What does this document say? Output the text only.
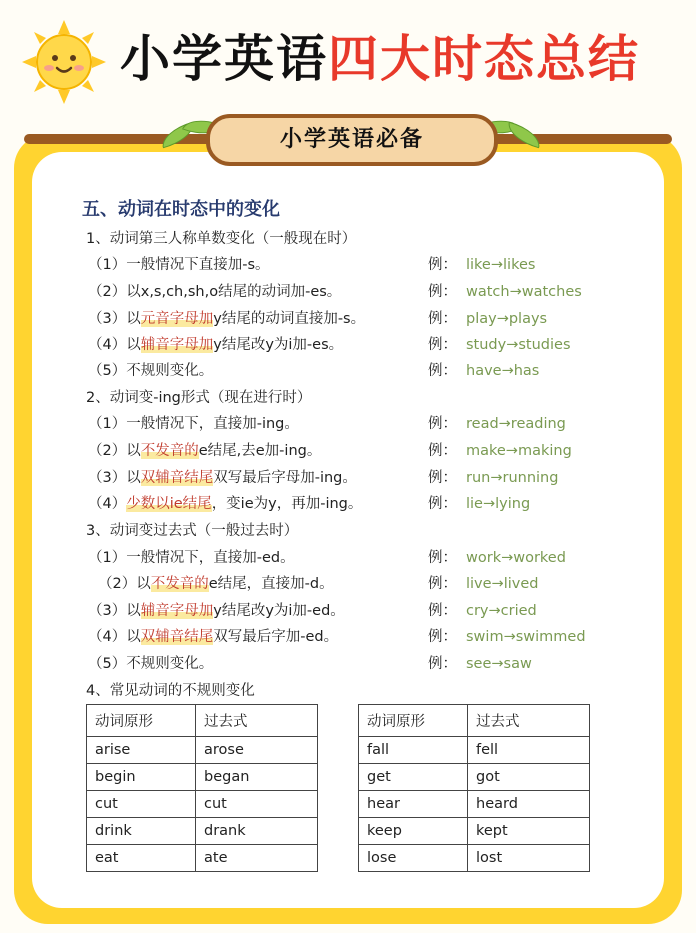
小学英语四大时态总结
小学英语必备
五、动词在时态中的变化
1、动词第三人称单数变化（一般现在时）
（1）一般情况下直接加-s。	例： like→likes
（2）以x,s,ch,sh,o结尾的动词加-es。	例： watch→watches
（3）以元音字母加y结尾的动词直接加-s。	例： play→plays
（4）以辅音字母加y结尾改y为i加-es。	例： study→studies
（5）不规则变化。	例： have→has
2、动词变-ing形式（现在进行时）
（1）一般情况下，直接加-ing。	例： read→reading
（2）以不发音的e结尾,去e加-ing。	例： make→making
（3）以双辅音结尾双写最后字母加-ing。	例： run→running
（4）少数以ie结尾，变ie为y，再加-ing。	例： lie→lying
3、动词变过去式（一般过去时）
（1）一般情况下，直接加-ed。	例： work→worked
（2）以不发音的e结尾，直接加-d。	例： live→lived
（3）以辅音字母加y结尾改y为i加-ed。	例： cry→cried
（4）以双辅音结尾双写最后字加-ed。	例： swim→swimmed
（5）不规则变化。	例： see→saw
4、常见动词的不规则变化
动词原形	过去式
arise	arose
begin	began
cut	cut
drink	drank
eat	ate
动词原形	过去式
fall	fell
get	got
hear	heard
keep	kept
lose	lost
